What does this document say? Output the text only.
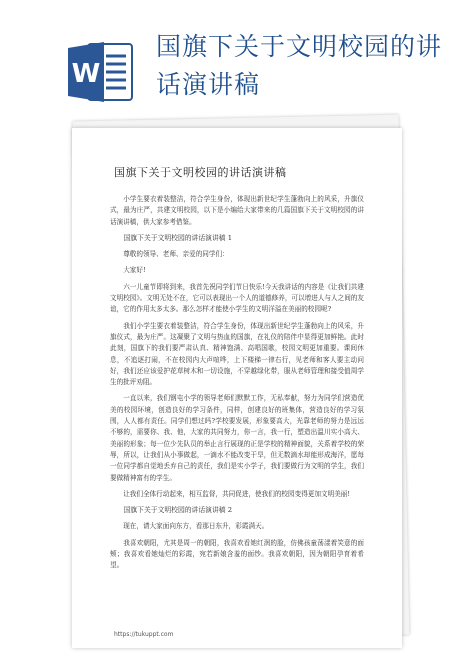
W
国旗下关于文明校园的讲话演讲稿
国旗下关于文明校园的讲话演讲稿

小学生要衣着装整洁，符合学生身份，体现出新世纪学生蓬勃向上的风采，升旗仪式，最为庄严，共建文明校园，以下是小编给大家带来的几篇国旗下关于文明校园的讲话演讲稿，供大家参考借鉴。

国旗下关于文明校园的讲话演讲稿 1

尊敬的领导、老师、亲爱的同学们：

大家好!

六一儿童节即将到来，我首先祝同学们节日快乐!今天我讲话的内容是《让我们共建文明校园》。文明无处不在，它可以表现出一个人的道德修养，可以增进人与人之间的友谊，它的作用太多太多。那么怎样才能使小学生的文明洋溢在美丽的校园呢?

我们小学生要衣着装整洁，符合学生身份，体现出新世纪学生蓬勃向上的风采，升旗仪式，最为庄严。这凝聚了文明与热血的国旗，在礼仪的陪伴中显得更加鲜艳。此时此刻，国旗下的我们要严肃认真、精神饱满、高唱国歌，校园文明更加重要。课间休息，不追逐打闹，不在校园内大声喧哗，上下楼梯一律右行，见老师和客人要主动问好，我们还应该爱护花草树木和一切设施，不穿越绿化带，服从老师管理和接受值周学生的批评劝阻。

一直以来，我们钢屯小学的领导老师们默默工作，无私奉献，努力为同学们营造优美的校园环境，创造良好的学习条件，同样，创建良好的班集体，营造良好的学习氛围，人人都有责任。同学们想过吗?学校要发展，形象要高大，光靠老师的努力是远远不够的，需要你、我、他，大家的共同努力，你一言，我一行，塑造出温川实小高大、美丽的形象；每一位少先队员的举止言行展现的正是学校的精神面貌，关系着学校的荣辱，所以，让我们从小事做起，一滴水不能改变干旱，但无数滴水却能形成海洋，愿每一位同学都自觉地丢弃自己的责任，我们是实小学子，我们要做行为文明的学生，我们要做精神富有的学生。

让我们全体行动起来，相互监督，共同促进，使我们的校园变得更加文明美丽!

国旗下关于文明校园的讲话演讲稿 2

现在，请大家面向东方，看那日东升，彩霞满天。

我喜欢朝阳，尤其是周一的朝阳，我喜欢看她红润的脸，仿佛孩童荡漾着笑意的面颊；我喜欢看她灿烂的彩霞，宛若新娘含羞的面纱。我喜欢朝阳，因为朝阳孕育着希望。

https://tukuppt.com
